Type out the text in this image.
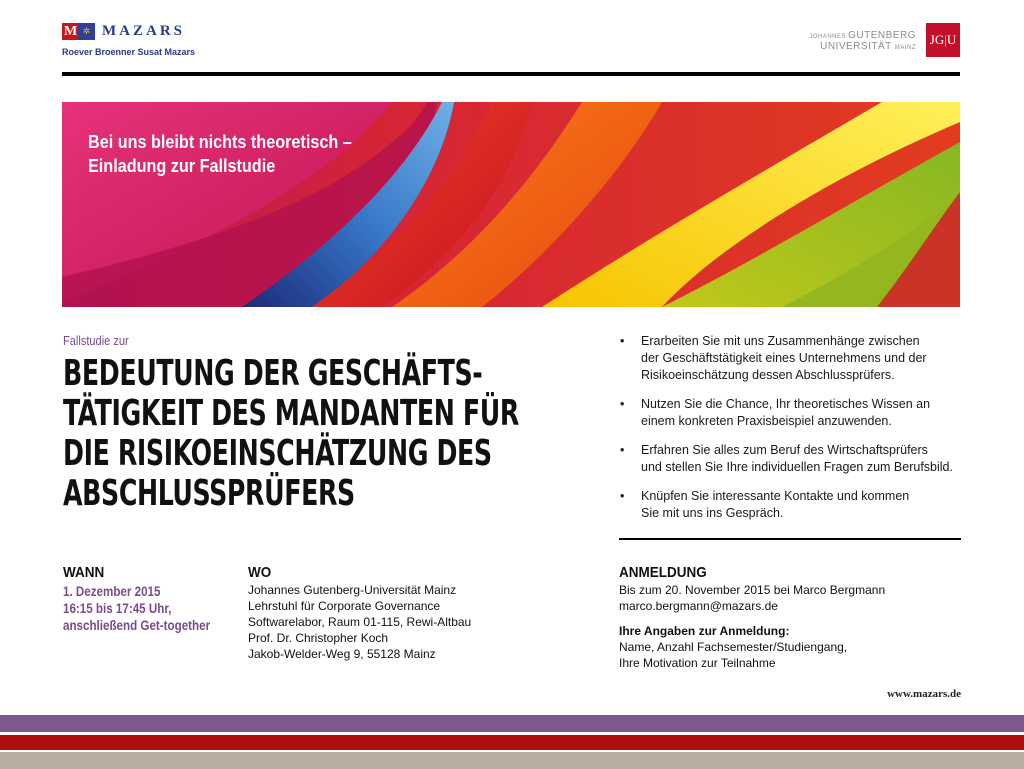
M ✲ MAZARS
Roever Broenner Susat Mazars
JOHANNES GUTENBERG
UNIVERSITÄT MAINZ
JG|U
Bei uns bleibt nichts theoretisch –
Einladung zur Fallstudie
Fallstudie zur
BEDEUTUNG DER GESCHÄFTS-
TÄTIGKEIT DES MANDANTEN FÜR
DIE RISIKOEINSCHÄTZUNG DES
ABSCHLUSSPRÜFERS
• Erarbeiten Sie mit uns Zusammenhänge zwischen
der Geschäftstätigkeit eines Unternehmens und der
Risikoeinschätzung dessen Abschlussprüfers.
• Nutzen Sie die Chance, Ihr theoretisches Wissen an
einem konkreten Praxisbeispiel anzuwenden.
• Erfahren Sie alles zum Beruf des Wirtschaftsprüfers
und stellen Sie Ihre individuellen Fragen zum Berufsbild.
• Knüpfen Sie interessante Kontakte und kommen
Sie mit uns ins Gespräch.
WANN
1. Dezember 2015
16:15 bis 17:45 Uhr,
anschließend Get-together
WO
Johannes Gutenberg-Universität Mainz
Lehrstuhl für Corporate Governance
Softwarelabor, Raum 01-115, Rewi-Altbau
Prof. Dr. Christopher Koch
Jakob-Welder-Weg 9, 55128 Mainz
ANMELDUNG
Bis zum 20. November 2015 bei Marco Bergmann
marco.bergmann@mazars.de
Ihre Angaben zur Anmeldung:
Name, Anzahl Fachsemester/Studiengang,
Ihre Motivation zur Teilnahme
www.mazars.de
